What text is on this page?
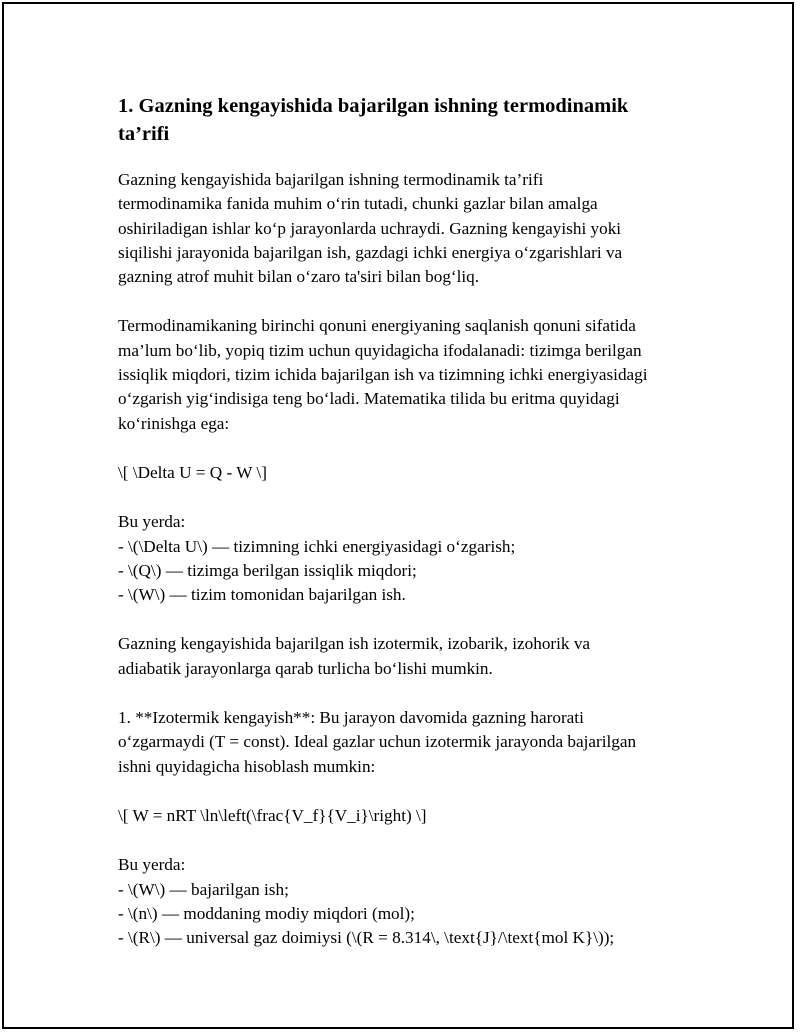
1. Gazning kengayishida bajarilgan ishning termodinamik
ta’rifi

Gazning kengayishida bajarilgan ishning termodinamik ta’rifi
termodinamika fanida muhim o‘rin tutadi, chunki gazlar bilan amalga
oshiriladigan ishlar ko‘p jarayonlarda uchraydi. Gazning kengayishi yoki
siqilishi jarayonida bajarilgan ish, gazdagi ichki energiya o‘zgarishlari va
gazning atrof muhit bilan o‘zaro ta'siri bilan bog‘liq.

Termodinamikaning birinchi qonuni energiyaning saqlanish qonuni sifatida
ma’lum bo‘lib, yopiq tizim uchun quyidagicha ifodalanadi: tizimga berilgan
issiqlik miqdori, tizim ichida bajarilgan ish va tizimning ichki energiyasidagi
o‘zgarish yig‘indisiga teng bo‘ladi. Matematika tilida bu eritma quyidagi
ko‘rinishga ega:

\[ \Delta U = Q - W \]

Bu yerda:
- \(\Delta U\) — tizimning ichki energiyasidagi o‘zgarish;
- \(Q\) — tizimga berilgan issiqlik miqdori;
- \(W\) — tizim tomonidan bajarilgan ish.

Gazning kengayishida bajarilgan ish izotermik, izobarik, izohorik va
adiabatik jarayonlarga qarab turlicha bo‘lishi mumkin.

1. **Izotermik kengayish**: Bu jarayon davomida gazning harorati
o‘zgarmaydi (T = const). Ideal gazlar uchun izotermik jarayonda bajarilgan
ishni quyidagicha hisoblash mumkin:

\[ W = nRT \ln\left(\frac{V_f}{V_i}\right) \]

Bu yerda:
- \(W\) — bajarilgan ish;
- \(n\) — moddaning modiy miqdori (mol);
- \(R\) — universal gaz doimiysi (\(R = 8.314\, \text{J}/\text{mol K}\));
